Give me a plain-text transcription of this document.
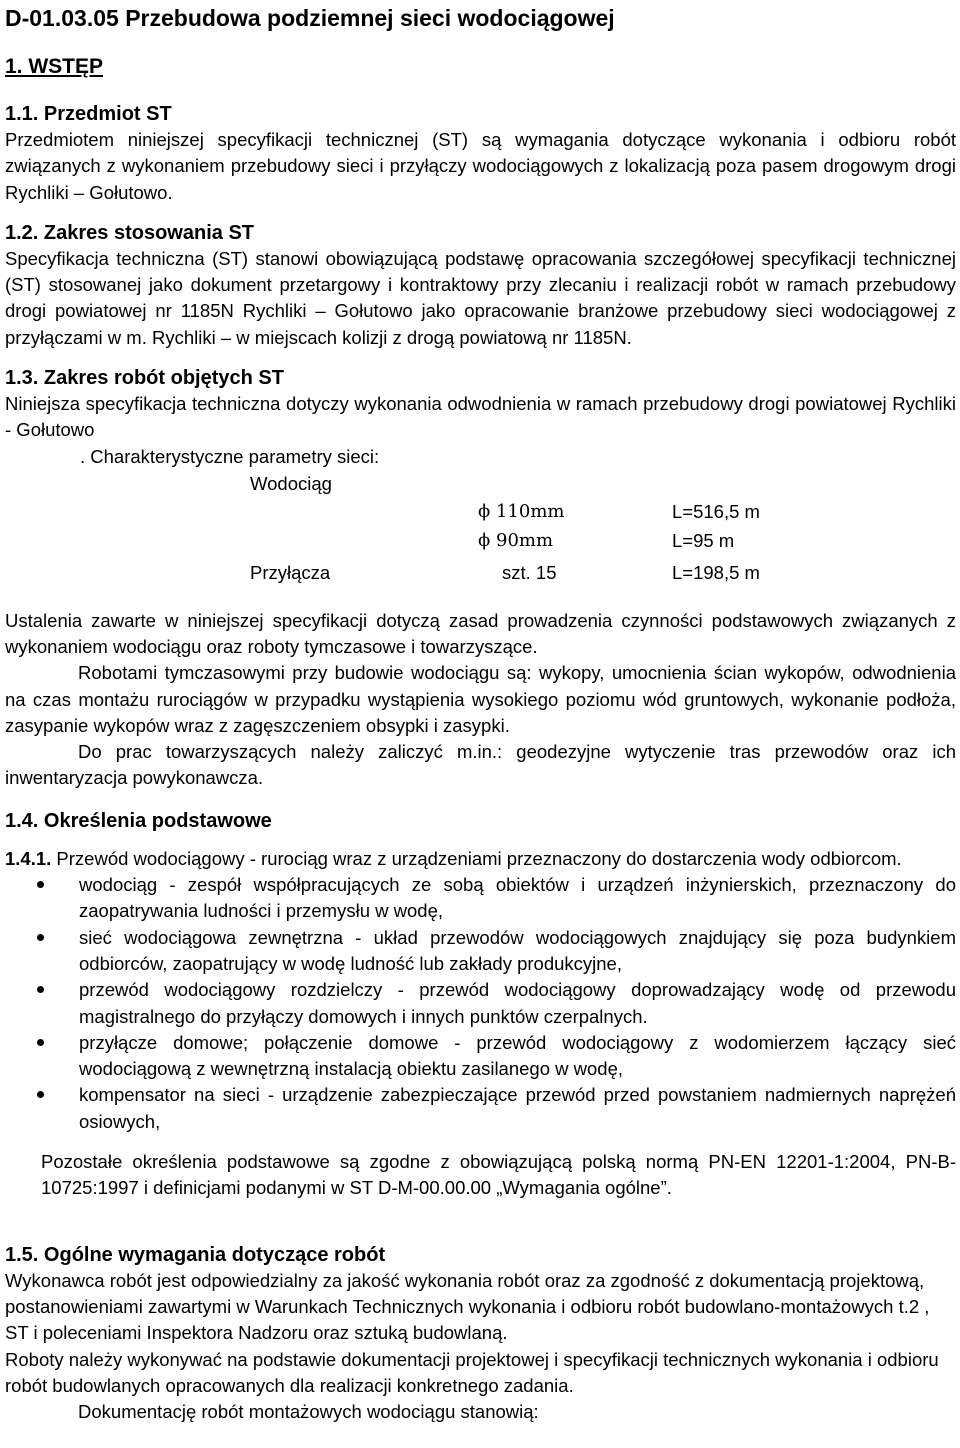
D-01.03.05 Przebudowa podziemnej sieci wodociągowej
1. WSTĘP
1.1. Przedmiot ST

Przedmiotem niniejszej specyfikacji technicznej (ST) są wymagania dotyczące wykonania i odbioru robót związanych z wykonaniem przebudowy sieci i przyłączy wodociągowych z lokalizacją poza pasem drogowym drogi Rychliki – Gołutowo.

1.2. Zakres stosowania ST

Specyfikacja techniczna (ST) stanowi obowiązującą podstawę opracowania szczegółowej specyfikacji technicznej (ST) stosowanej jako dokument przetargowy i kontraktowy przy zlecaniu i realizacji robót w ramach przebudowy drogi powiatowej nr 1185N Rychliki – Gołutowo jako opracowanie branżowe przebudowy sieci wodociągowej z przyłączami w m. Rychliki – w miejscach kolizji z drogą powiatową nr 1185N.

1.3. Zakres robót objętych ST

Niniejsza specyfikacja techniczna dotyczy wykonania odwodnienia w ramach przebudowy drogi powiatowej Rychliki - Gołutowo

. Charakterystyczne parametry sieci:
Wodociąg
ϕ 110mm	L=516,5 m
ϕ 90mm	L=95 m
Przyłącza	szt. 15	L=198,5 m

Ustalenia zawarte w niniejszej specyfikacji dotyczą zasad prowadzenia czynności podstawowych związanych z wykonaniem wodociągu oraz roboty tymczasowe i towarzyszące.

Robotami tymczasowymi przy budowie wodociągu są: wykopy, umocnienia ścian wykopów, odwodnienia na czas montażu rurociągów w przypadku wystąpienia wysokiego poziomu wód gruntowych, wykonanie podłoża, zasypanie wykopów wraz z zagęszczeniem obsypki i zasypki.

Do prac towarzyszących należy zaliczyć m.in.: geodezyjne wytyczenie tras przewodów oraz ich inwentaryzacja powykonawcza.

1.4. Określenia podstawowe

1.4.1. Przewód wodociągowy - rurociąg wraz z urządzeniami przeznaczony do dostarczenia wody odbiorcom.

wodociąg - zespół współpracujących ze sobą obiektów i urządzeń inżynierskich, przeznaczony do zaopatrywania ludności i przemysłu w wodę,
sieć wodociągowa zewnętrzna - układ przewodów wodociągowych znajdujący się poza budynkiem odbiorców, zaopatrujący w wodę ludność lub zakłady produkcyjne,
przewód wodociągowy rozdzielczy - przewód wodociągowy doprowadzający wodę od przewodu magistralnego do przyłączy domowych i innych punktów czerpalnych.
przyłącze domowe; połączenie domowe - przewód wodociągowy z wodomierzem łączący sieć wodociągową z wewnętrzną instalacją obiektu zasilanego w wodę,
kompensator na sieci - urządzenie zabezpieczające przewód przed powstaniem nadmiernych naprężeń osiowych,

Pozostałe określenia podstawowe są zgodne z obowiązującą polską normą PN-EN 12201-1:2004, PN-B-10725:1997 i definicjami podanymi w ST D-M-00.00.00 „Wymagania ogólne”.

1.5. Ogólne wymagania dotyczące robót

Wykonawca robót jest odpowiedzialny za jakość wykonania robót oraz za zgodność z dokumentacją projektową, postanowieniami zawartymi w Warunkach Technicznych wykonania i odbioru robót budowlano-montażowych t.2 , ST i poleceniami Inspektora Nadzoru oraz sztuką budowlaną.

Roboty należy wykonywać na podstawie dokumentacji projektowej i specyfikacji technicznych wykonania i odbioru robót budowlanych opracowanych dla realizacji konkretnego zadania.

Dokumentację robót montażowych wodociągu stanowią:
